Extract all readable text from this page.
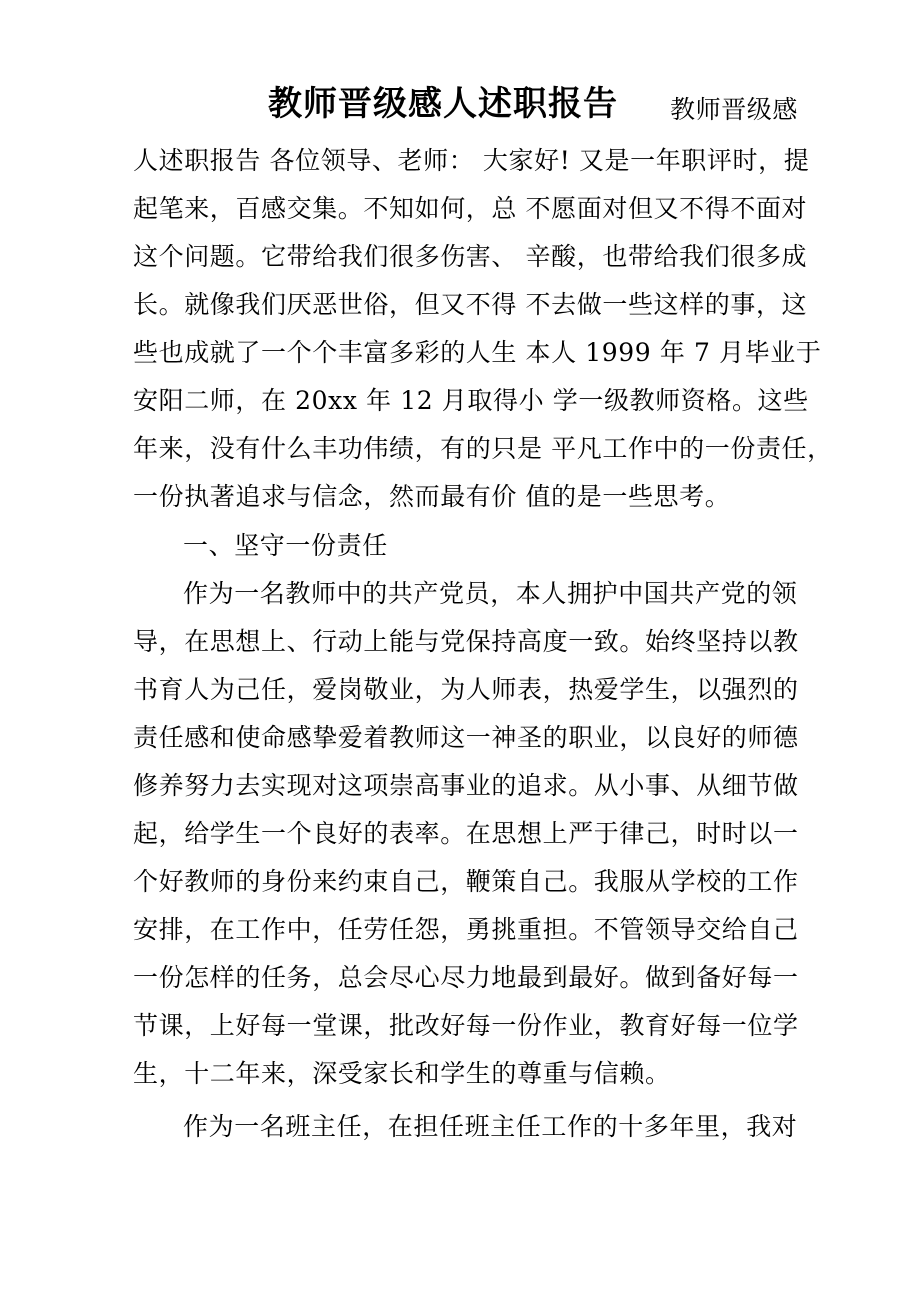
教师晋级感人述职报告 教师晋级感
人述职报告 各位领导、老师： 大家好! 又是一年职评时，提
起笔来，百感交集。不知如何，总 不愿面对但又不得不面对
这个问题。它带给我们很多伤害、 辛酸，也带给我们很多成
长。就像我们厌恶世俗，但又不得 不去做一些这样的事，这
些也成就了一个个丰富多彩的人生 本人 1999 年 7 月毕业于
安阳二师，在 20xx 年 12 月取得小 学一级教师资格。这些
年来，没有什么丰功伟绩，有的只是 平凡工作中的一份责任，
一份执著追求与信念，然而最有价 值的是一些思考。
一、坚守一份责任
作为一名教师中的共产党员，本人拥护中国共产党的领
导，在思想上、行动上能与党保持高度一致。始终坚持以教
书育人为己任，爱岗敬业，为人师表，热爱学生，以强烈的
责任感和使命感挚爱着教师这一神圣的职业，以良好的师德
修养努力去实现对这项崇高事业的追求。从小事、从细节做
起，给学生一个良好的表率。在思想上严于律己，时时以一
个好教师的身份来约束自己，鞭策自己。我服从学校的工作
安排，在工作中，任劳任怨，勇挑重担。不管领导交给自己
一份怎样的任务，总会尽心尽力地最到最好。做到备好每一
节课，上好每一堂课，批改好每一份作业，教育好每一位学
生，十二年来，深受家长和学生的尊重与信赖。
作为一名班主任，在担任班主任工作的十多年里，我对
